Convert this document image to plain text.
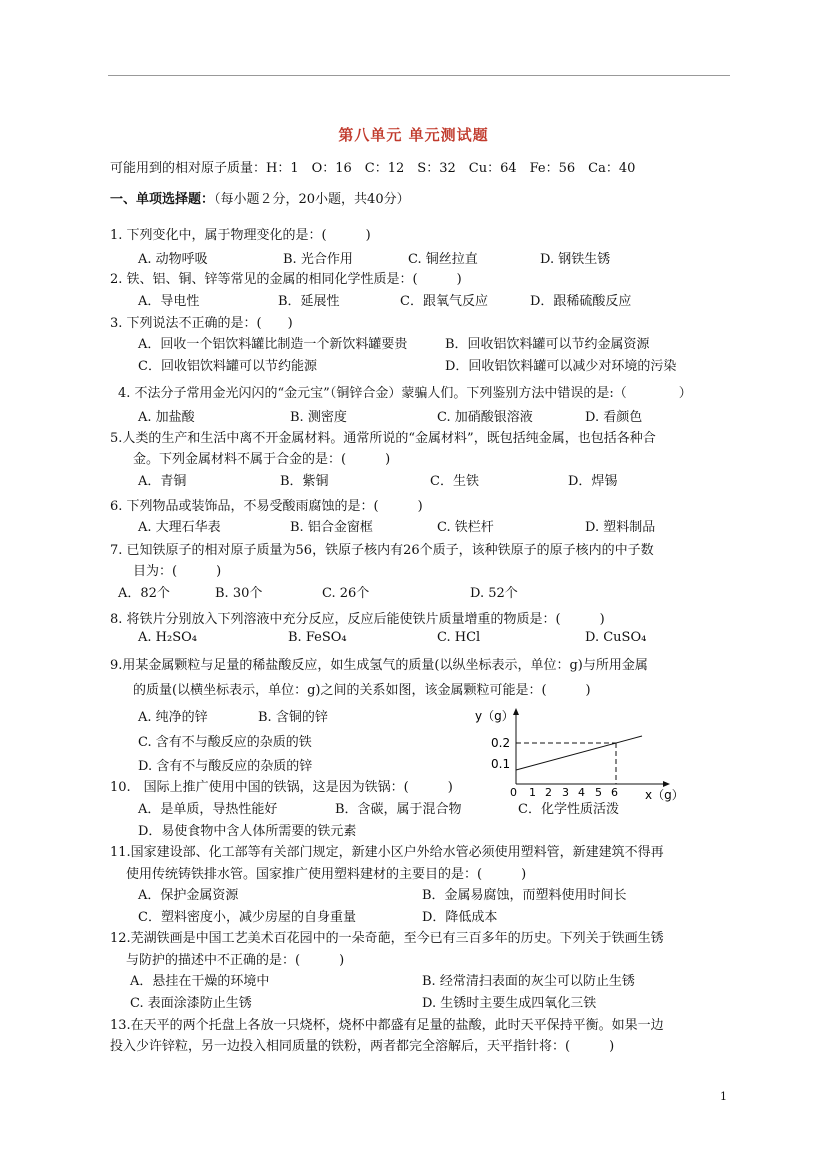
第八单元 单元测试题
可能用到的相对原子质量：H：1　O：16　C：12　S：32　Cu：64　Fe：56　Ca：40
一、单项选择题：（每小题２分，20小题，共40分）
1. 下列变化中，属于物理变化的是：(　　　)
A. 动物呼吸	B. 光合作用	C. 铜丝拉直	D. 钢铁生锈
2. 铁、铝、铜、锌等常见的金属的相同化学性质是：(　　　)
A．导电性	B．延展性	C．跟氧气反应	D．跟稀硫酸反应
3. 下列说法不正确的是：(　　)
A．回收一个铝饮料罐比制造一个新饮料罐要贵	B．回收铝饮料罐可以节约金属资源
C．回收铝饮料罐可以节约能源	D．回收铝饮料罐可以减少对环境的污染
4. 不法分子常用金光闪闪的“金元宝”（铜锌合金）蒙骗人们。下列鉴别方法中错误的是:（　　　　）
A. 加盐酸	B. 测密度	C. 加硝酸银溶液	D. 看颜色
5.人类的生产和生活中离不开金属材料。通常所说的“金属材料”，既包括纯金属，也包括各种合
金。下列金属材料不属于合金的是：(　　　)
A．青铜	B．紫铜	C．生铁	D．焊锡
6. 下列物品或装饰品，不易受酸雨腐蚀的是：(　　　)
A. 大理石华表	B. 铝合金窗框	C. 铁栏杆	D. 塑料制品
7. 已知铁原子的相对原子质量为56，铁原子核内有26个质子，该种铁原子的原子核内的中子数
目为：(　　　)
A．82个	B. 30个	C. 26个	D. 52个
8. 将铁片分别放入下列溶液中充分反应，反应后能使铁片质量增重的物质是：(　　　)
A. H₂SO₄	B. FeSO₄	C. HCl	D. CuSO₄
9.用某金属颗粒与足量的稀盐酸反应，如生成氢气的质量(以纵坐标表示，单位：g)与所用金属
的质量(以横坐标表示，单位：g)之间的关系如图，该金属颗粒可能是：(　　　)
A. 纯净的锌	B. 含铜的锌
C. 含有不与酸反应的杂质的铁
D. 含有不与酸反应的杂质的锌
y（g）
0.2
0.1
0 1 2 3 4 5 6 x（g）
10.　国际上推广使用中国的铁锅，这是因为铁锅：(　　　)
A．是单质，导热性能好	B．含碳，属于混合物	C．化学性质活泼
D．易使食物中含人体所需要的铁元素
11.国家建设部、化工部等有关部门规定，新建小区户外给水管必须使用塑料管，新建建筑不得再
使用传统铸铁排水管。国家推广使用塑料建材的主要目的是：(　　　)
A．保护金属资源	B．金属易腐蚀，而塑料使用时间长
C．塑料密度小，减少房屋的自身重量	D．降低成本
12.芜湖铁画是中国工艺美术百花园中的一朵奇葩，至今已有三百多年的历史。下列关于铁画生锈
与防护的描述中不正确的是：(　　　)
A．悬挂在干燥的环境中	B. 经常清扫表面的灰尘可以防止生锈
C. 表面涂漆防止生锈	D. 生锈时主要生成四氧化三铁
13.在天平的两个托盘上各放一只烧杯，烧杯中都盛有足量的盐酸，此时天平保持平衡。如果一边
投入少许锌粒，另一边投入相同质量的铁粉，两者都完全溶解后，天平指针将：(　　　)
1
